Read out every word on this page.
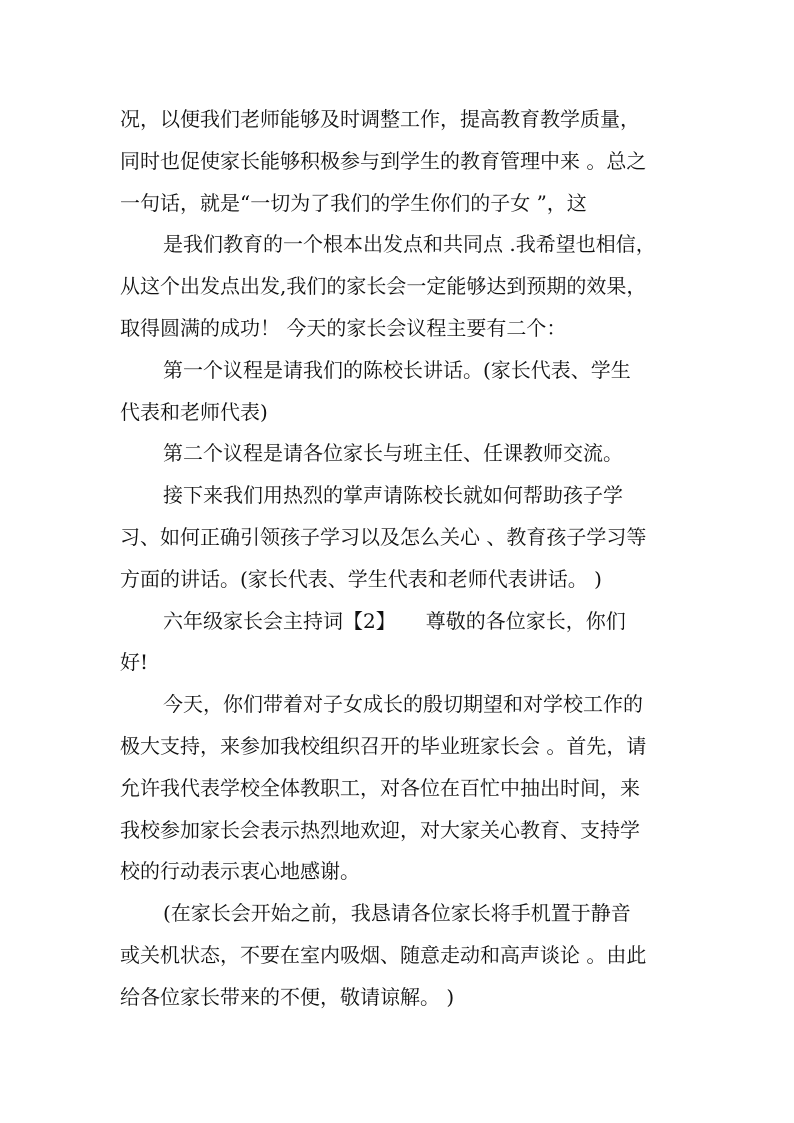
况，以便我们老师能够及时调整工作，提高教育教学质量，
同时也促使家长能够积极参与到学生的教育管理中来 。总之
一句话，就是“一切为了我们的学生你们的子女 ”，这
是我们教育的一个根本出发点和共同点 .我希望也相信，
从这个出发点出发,我们的家长会一定能够达到预期的效果，
取得圆满的成功！ 今天的家长会议程主要有二个：
第一个议程是请我们的陈校长讲话。(家长代表、学生
代表和老师代表)
第二个议程是请各位家长与班主任、任课教师交流。
接下来我们用热烈的掌声请陈校长就如何帮助孩子学
习、如何正确引领孩子学习以及怎么关心 、教育孩子学习等
方面的讲话。(家长代表、学生代表和老师代表讲话。 )
六年级家长会主持词【2】　　尊敬的各位家长，你们
好!
今天，你们带着对子女成长的殷切期望和对学校工作的
极大支持，来参加我校组织召开的毕业班家长会 。首先，请
允许我代表学校全体教职工，对各位在百忙中抽出时间，来
我校参加家长会表示热烈地欢迎，对大家关心教育、支持学
校的行动表示衷心地感谢。
(在家长会开始之前，我恳请各位家长将手机置于静音
或关机状态，不要在室内吸烟、随意走动和高声谈论 。由此
给各位家长带来的不便，敬请谅解。 )
